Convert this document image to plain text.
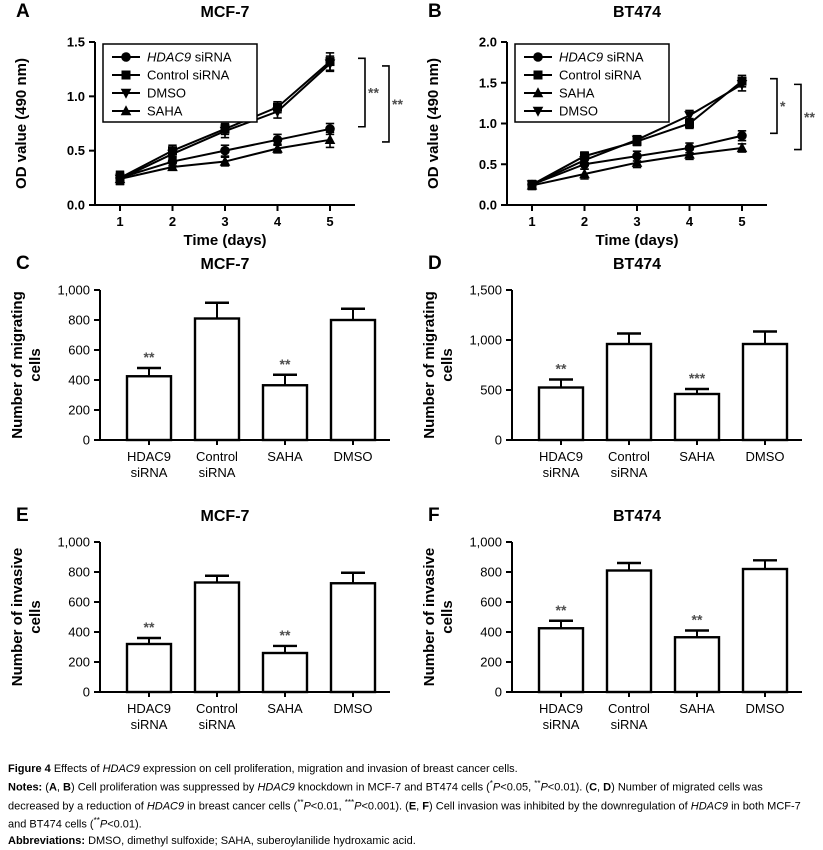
A	MCF-7
0.0
0.5
1.0
1.5
1	2	3	4	5
Time (days)
OD value (490 nm)
HDAC9 siRNA
Control siRNA
DMSO
SAHA
**
**
B	BT474
0.0
0.5
1.0
1.5
2.0
1	2	3	4	5
Time (days)
OD value (490 nm)
HDAC9 siRNA
Control siRNA
SAHA
DMSO	*
**
C	MCF-7
**	**
0
200
400
600
800
1,000
HDAC9
siRNA
Control
siRNA
SAHA DMSO
Number of migrating cells
D	BT474
**
***
0
500
1,000
1,500
HDAC9
siRNA
Control
siRNA
SAHA DMSO
Number of migrating cells
E	MCF-7
**	**
0
200
400
600
800
1,000
HDAC9
siRNA
Control
siRNA
SAHA DMSO
Number of invasive cells
F	BT474
**
**
0
200
400
600
800
1,000
HDAC9
siRNA
Control
siRNA
SAHA DMSO
Number of invasive cells

Figure 4 Effects of HDAC9 expression on cell proliferation, migration and invasion of breast cancer cells.

Notes: (A, B) Cell proliferation was suppressed by HDAC9 knockdown in MCF-7 and BT474 cells (*P<0.05, **P<0.01). (C, D) Number of migrated cells was decreased by a reduction of HDAC9 in breast cancer cells (**P<0.01, ***P<0.001). (E, F) Cell invasion was inhibited by the downregulation of HDAC9 in both MCF-7 and BT474 cells (**P<0.01).

Abbreviations: DMSO, dimethyl sulfoxide; SAHA, suberoylanilide hydroxamic acid.
